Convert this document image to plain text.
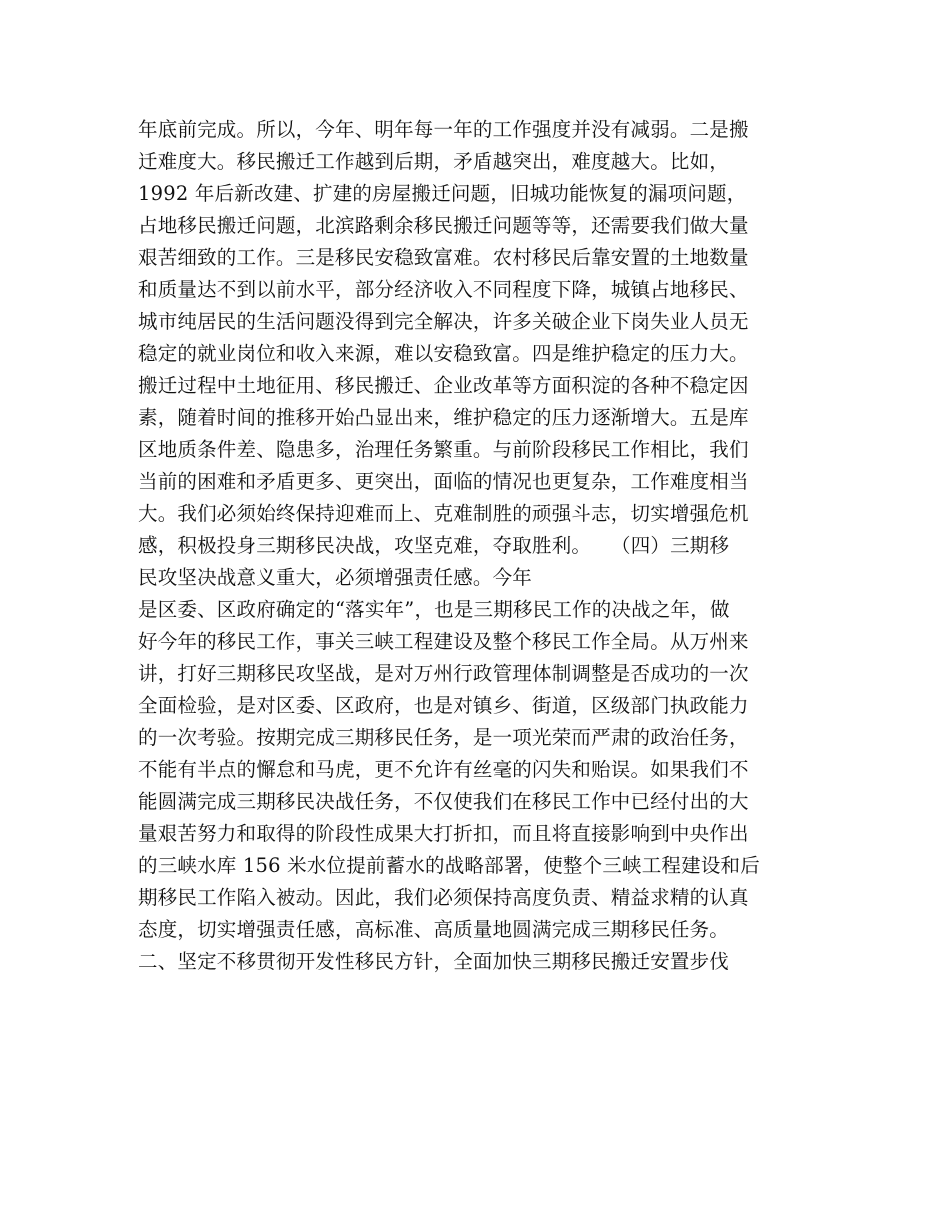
年底前完成。所以，今年、明年每一年的工作强度并没有减弱。二是搬
迁难度大。移民搬迁工作越到后期，矛盾越突出，难度越大。比如，
1992 年后新改建、扩建的房屋搬迁问题，旧城功能恢复的漏项问题，
占地移民搬迁问题，北滨路剩余移民搬迁问题等等，还需要我们做大量
艰苦细致的工作。三是移民安稳致富难。农村移民后靠安置的土地数量
和质量达不到以前水平，部分经济收入不同程度下降，城镇占地移民、
城市纯居民的生活问题没得到完全解决，许多关破企业下岗失业人员无
稳定的就业岗位和收入来源，难以安稳致富。四是维护稳定的压力大。
搬迁过程中土地征用、移民搬迁、企业改革等方面积淀的各种不稳定因
素，随着时间的推移开始凸显出来，维护稳定的压力逐渐增大。五是库
区地质条件差、隐患多，治理任务繁重。与前阶段移民工作相比，我们
当前的困难和矛盾更多、更突出，面临的情况也更复杂，工作难度相当
大。我们必须始终保持迎难而上、克难制胜的顽强斗志，切实增强危机
感，积极投身三期移民决战，攻坚克难，夺取胜利。　　（四）三期移
民攻坚决战意义重大，必须增强责任感。今年
是区委、区政府确定的“落实年”，也是三期移民工作的决战之年，做
好今年的移民工作，事关三峡工程建设及整个移民工作全局。从万州来
讲，打好三期移民攻坚战，是对万州行政管理体制调整是否成功的一次
全面检验，是对区委、区政府，也是对镇乡、街道，区级部门执政能力
的一次考验。按期完成三期移民任务，是一项光荣而严肃的政治任务，
不能有半点的懈怠和马虎，更不允许有丝毫的闪失和贻误。如果我们不
能圆满完成三期移民决战任务，不仅使我们在移民工作中已经付出的大
量艰苦努力和取得的阶段性成果大打折扣，而且将直接影响到中央作出
的三峡水库 156 米水位提前蓄水的战略部署，使整个三峡工程建设和后
期移民工作陷入被动。因此，我们必须保持高度负责、精益求精的认真
态度，切实增强责任感，高标准、高质量地圆满完成三期移民任务。
二、坚定不移贯彻开发性移民方针，全面加快三期移民搬迁安置步伐
